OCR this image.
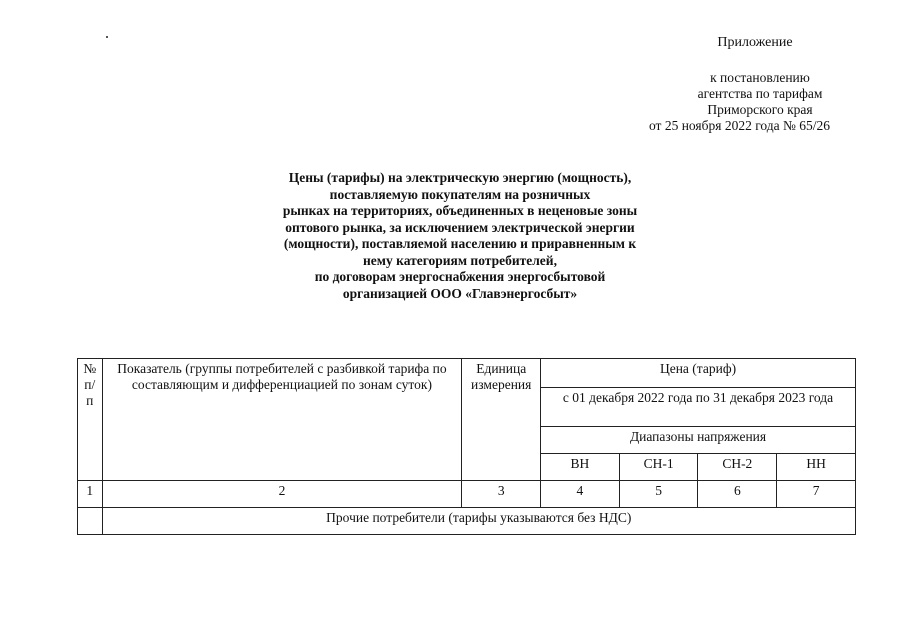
Приложение
к постановлению
агентства по тарифам
Приморского края
от 25 ноября 2022 года № 65/26
Цены (тарифы) на электрическую энергию (мощность),
поставляемую покупателям на розничных
рынках на территориях, объединенных в неценовые зоны
оптового рынка, за исключением электрической энергии
(мощности), поставляемой населению и приравненным к
нему категориям потребителей,
по договорам энергоснабжения энергосбытовой
организацией ООО «Главэнергосбыт»
№ п/п	Показатель (группы потребителей с разбивкой тарифа по составляющим и дифференциацией по зонам суток)	Единица измерения	Цена (тариф)			
			с 01 декабря 2022 года по 31 декабря 2023 года			
			Диапазоны напряжения			
			ВН	СН-1	СН-2	НН
1	2	3	4	5	6	7
	Прочие потребители (тарифы указываются без НДС)					
